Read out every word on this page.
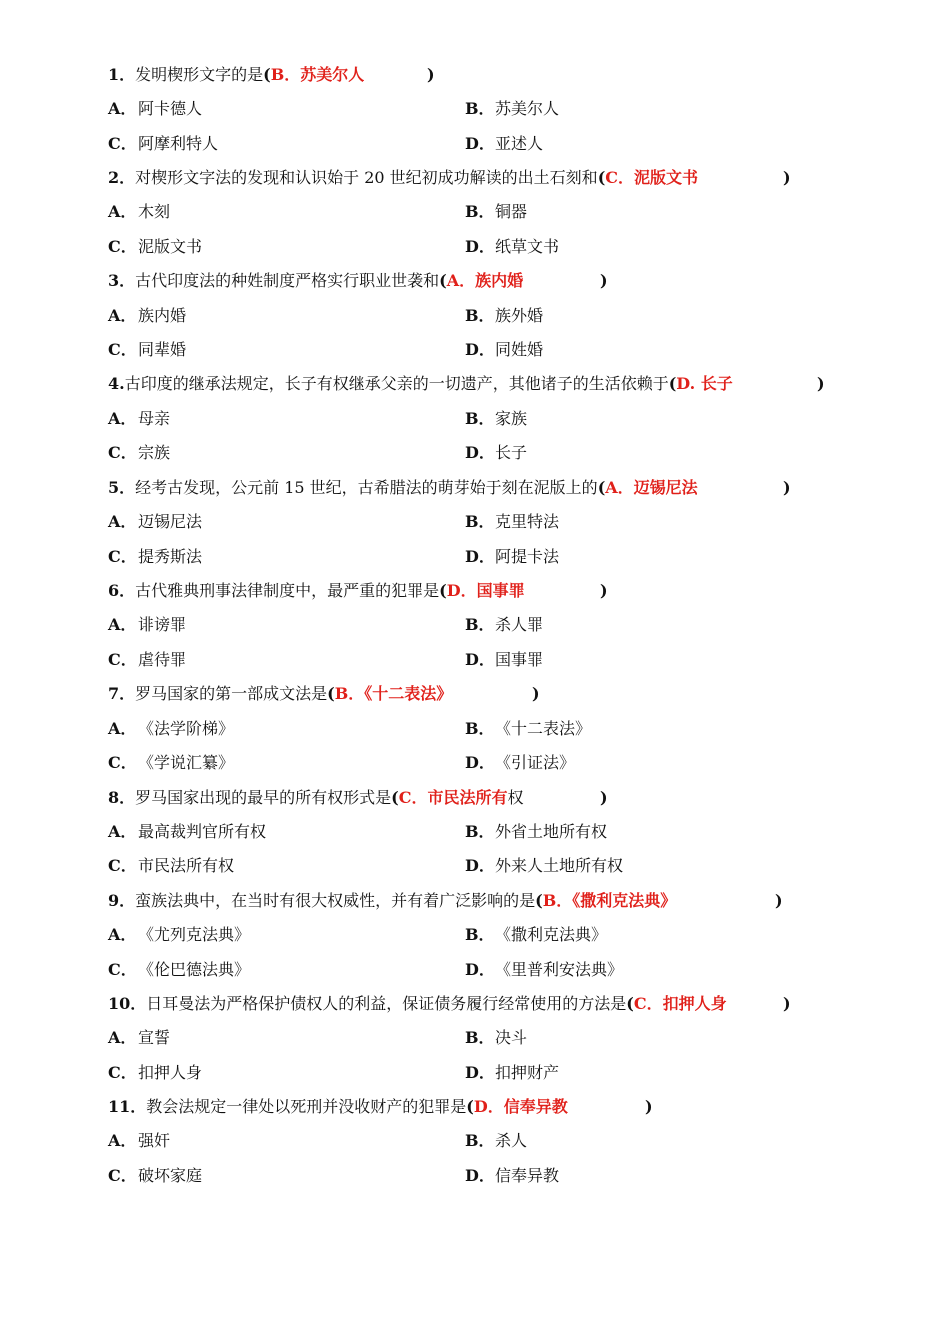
1．发明楔形文字的是(B．苏美尔人	)
A．阿卡德人	B．苏美尔人
C．阿摩利特人	D．亚述人
2．对楔形文字法的发现和认识始于 20 世纪初成功解读的出土石刻和(C．泥版文书	)
A．木刻	B．铜器
C．泥版文书	D．纸草文书
3．古代印度法的种姓制度严格实行职业世袭和(A．族内婚	)
A．族内婚	B．族外婚
C．同辈婚	D．同姓婚
4.古印度的继承法规定，长子有权继承父亲的一切遗产，其他诸子的生活依赖于(D. 长子	)
A．母亲	B．家族
C．宗族	D．长子
5．经考古发现，公元前 15 世纪，古希腊法的萌芽始于刻在泥版上的(A．迈锡尼法	)
A．迈锡尼法	B．克里特法
C．提秀斯法	D．阿提卡法
6．古代雅典刑事法律制度中，最严重的犯罪是(D．国事罪	)
A．诽谤罪	B．杀人罪
C．虐待罪	D．国事罪
7．罗马国家的第一部成文法是(B．《十二表法》	)
A．《法学阶梯》	B．《十二表法》
C．《学说汇纂》	D．《引证法》
8．罗马国家出现的最早的所有权形式是(C．市民法所有权	)
A．最高裁判官所有权	B．外省土地所有权
C．市民法所有权	D．外来人土地所有权
9．蛮族法典中，在当时有很大权威性，并有着广泛影响的是(B．《撒利克法典》	)
A．《尤列克法典》	B．《撒利克法典》
C．《伦巴德法典》	D．《里普利安法典》
10．日耳曼法为严格保护债权人的利益，保证债务履行经常使用的方法是(C．扣押人身	)
A．宣誓	B．决斗
C．扣押人身	D．扣押财产
11．教会法规定一律处以死刑并没收财产的犯罪是(D．信奉异教	)
A．强奸	B．杀人
C．破坏家庭	D．信奉异教
